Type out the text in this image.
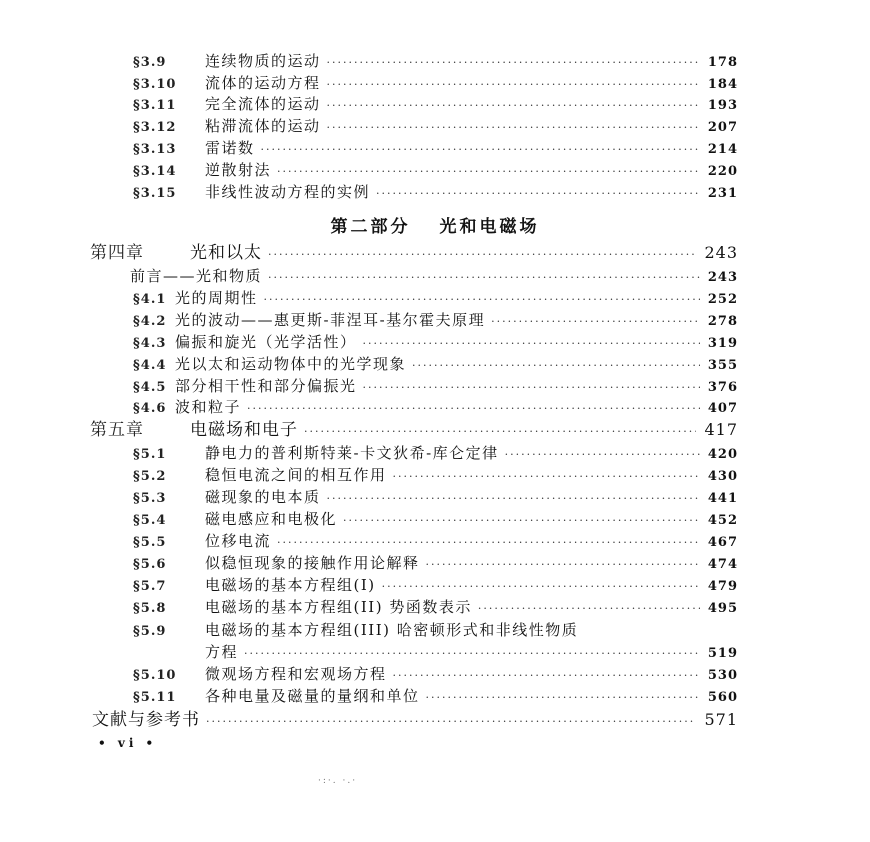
第二部分 光和电磁场
§3.9	连续物质的运动 ·····	178
§3.10	流体的运动方程 ·····	184
§3.11	完全流体的运动 ·····	193
§3.12	粘滞流体的运动 ·····	207
§3.13	雷诺数 ·····	214
§3.14	逆散射法 ·····	220
§3.15	非线性波动方程的实例 ·····	231
第四章	光和以太 ·····	243
前言——光和物质 ·····	243
§4.1 光的周期性 ·····	252
§4.2 光的波动——惠更斯-菲涅耳-基尔霍夫原理 ·····	278
§4.3 偏振和旋光（光学活性） ·····	319
§4.4 光以太和运动物体中的光学现象 ·····	355
§4.5 部分相干性和部分偏振光 ·····	376
§4.6 波和粒子 ·····	407
第五章	电磁场和电子 ·····	417
§5.1	静电力的普利斯特莱-卡文狄希-库仑定律 ·····	420
§5.2	稳恒电流之间的相互作用 ·····	430
§5.3	磁现象的电本质 ·····	441
§5.4	磁电感应和电极化 ·····	452
§5.5	位移电流 ·····	467
§5.6	似稳恒现象的接触作用论解释 ·····	474
§5.7	电磁场的基本方程组(I) ·····	479
§5.8	电磁场的基本方程组(II) 势函数表示 ·····	495
§5.9	电磁场的基本方程组(III) 哈密顿形式和非线性物质
方程 ·····	519
§5.10	微观场方程和宏观场方程 ·····	530
§5.11	各种电量及磁量的量纲和单位 ·····	560
文献与参考书 ·····	571
• vi •
·:·. ·.·
